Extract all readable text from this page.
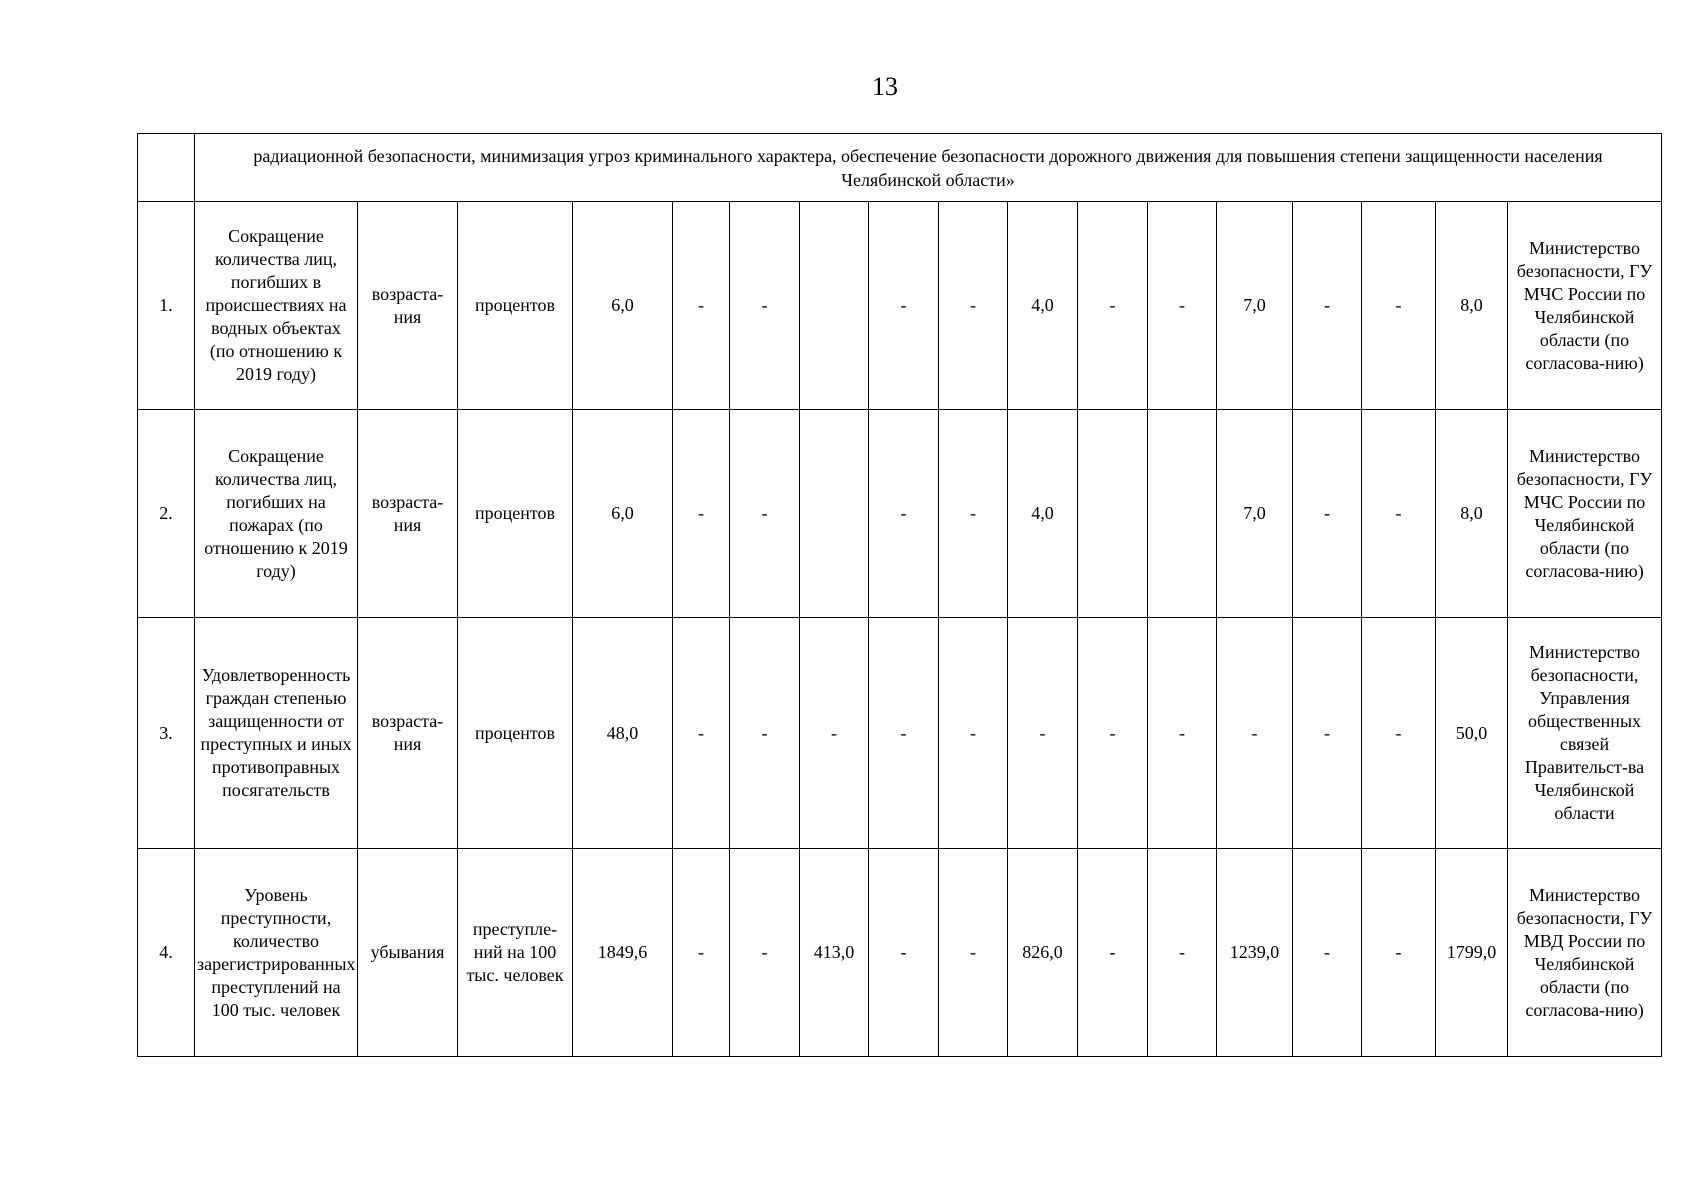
13
	радиационной безопасности, минимизация угроз криминального характера, обеспечение безопасности дорожного движения для повышения степени защищенности населения Челябинской области»																
1.	Сокращение количества лиц, погибших в происшествиях на водных объектах (по отношению к 2019 году)	возраста-ния	процентов	6,0	-	-		-	-	4,0	-	-	7,0	-	-	8,0	Министерство безопасности, ГУ МЧС России по Челябинской области (по согласова-нию)
2.	Сокращение количества лиц, погибших на пожарах (по отношению к 2019 году)	возраста-ния	процентов	6,0	-	-		-	-	4,0			7,0	-	-	8,0	Министерство безопасности, ГУ МЧС России по Челябинской области (по согласова-нию)
3.	Удовлетворенность граждан степенью защищенности от преступных и иных противоправных посягательств	возраста-ния	процентов	48,0	-	-	-	-	-	-	-	-	-	-	-	50,0	Министерство безопасности, Управления общественных связей Правительст-ва Челябинской области
4.	Уровень преступности, количество зарегистрированных преступлений на 100 тыс. человек	убывания	преступле-ний на 100 тыс. человек	1849,6	-	-	413,0	-	-	826,0	-	-	1239,0	-	-	1799,0	Министерство безопасности, ГУ МВД России по Челябинской области (по согласова-нию)
